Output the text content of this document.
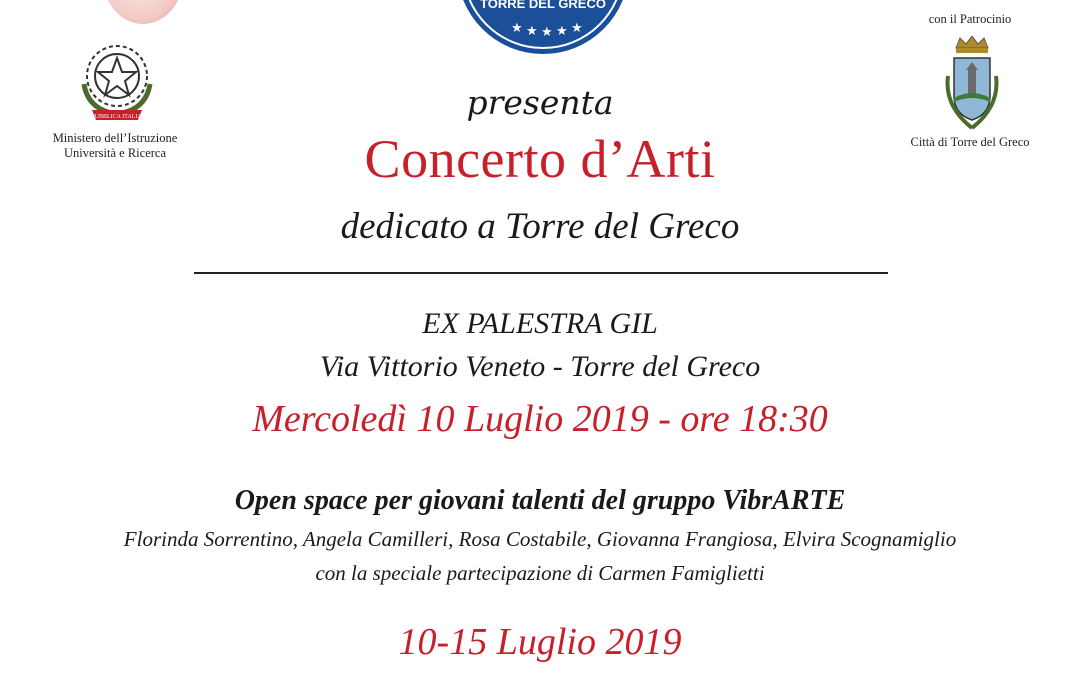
TORRE DEL GRECO
★ ★ ★ ★ ★
REPUBBLICA ITALIANA
Ministero dell’Istruzione
Università e Ricerca
con il Patrocinio
Città di Torre del Greco
presenta
Concerto d’Arti
dedicato a Torre del Greco
EX PALESTRA GIL
Via Vittorio Veneto - Torre del Greco
Mercoledì 10 Luglio 2019 - ore 18:30
Open space per giovani talenti del gruppo VibrARTE
Florinda Sorrentino, Angela Camilleri, Rosa Costabile, Giovanna Frangiosa, Elvira Scognamiglio
con la speciale partecipazione di Carmen Famiglietti
10-15 Luglio 2019
